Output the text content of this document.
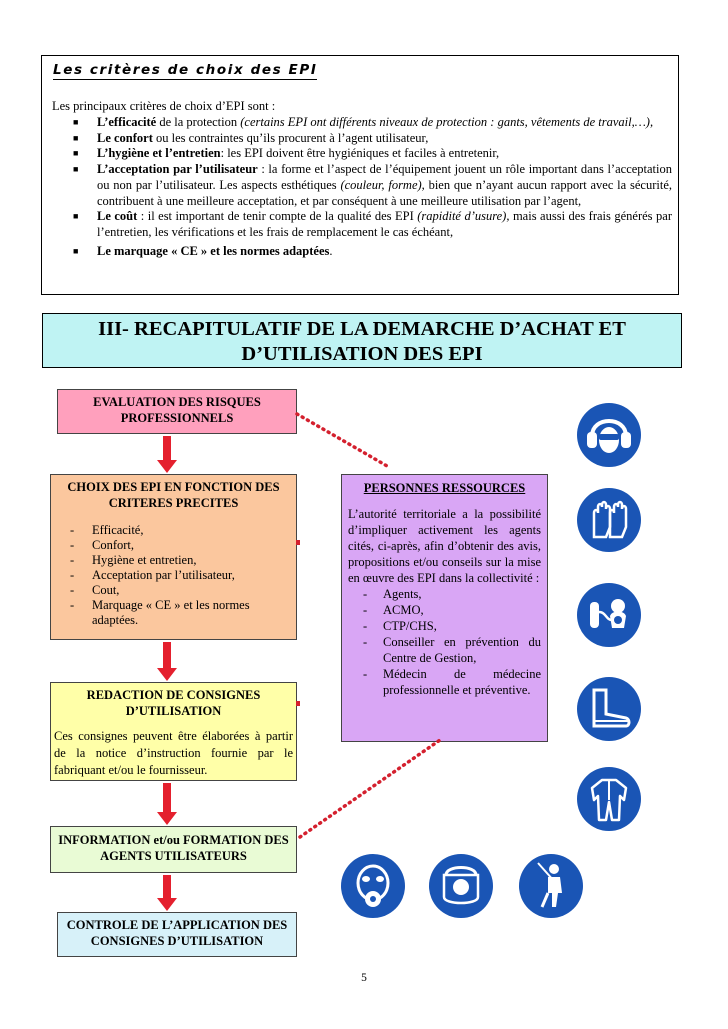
Les critères de choix des EPI
Les principaux critères de choix d’EPI sont :
■ L’efficacité de la protection (certains EPI ont différents niveaux de protection : gants, vêtements de travail,…),
■ Le confort ou les contraintes qu’ils procurent à l’agent utilisateur,
■ L’hygiène et l’entretien: les EPI doivent être hygiéniques et faciles à entretenir,
■ L’acceptation par l’utilisateur : la forme et l’aspect de l’équipement jouent un rôle important dans l’acceptation ou non par l’utilisateur. Les aspects esthétiques (couleur, forme), bien que n’ayant aucun rapport avec la sécurité, contribuent à une meilleure acceptation, et par conséquent à une meilleure utilisation par l’agent,
■ Le coût : il est important de tenir compte de la qualité des EPI (rapidité d’usure), mais aussi des frais générés par l’entretien, les vérifications et les frais de remplacement le cas échéant,
■ Le marquage « CE » et les normes adaptées.
III- RECAPITULATIF DE LA DEMARCHE D’ACHAT ET D’UTILISATION DES EPI
EVALUATION DES RISQUES PROFESSIONNELS
CHOIX DES EPI EN FONCTION DES CRITERES PRECITES
- Efficacité,
- Confort,
- Hygiène et entretien,
- Acceptation par l’utilisateur,
- Cout,
- Marquage « CE » et les normes adaptées.
PERSONNES RESSOURCES
L’autorité territoriale a la possibilité d’impliquer activement les agents cités, ci-après, afin d’obtenir des avis, propositions et/ou conseils sur la mise en œuvre des EPI dans la collectivité :
- Agents,
- ACMO,
- CTP/CHS,
- Conseiller en prévention du Centre de Gestion,
- Médecin de médecine professionnelle et préventive.
REDACTION DE CONSIGNES D’UTILISATION
Ces consignes peuvent être élaborées à partir de la notice d’instruction fournie par le fabriquant et/ou le fournisseur.
INFORMATION et/ou FORMATION DES AGENTS UTILISATEURS
CONTROLE DE L’APPLICATION DES CONSIGNES D’UTILISATION
5
